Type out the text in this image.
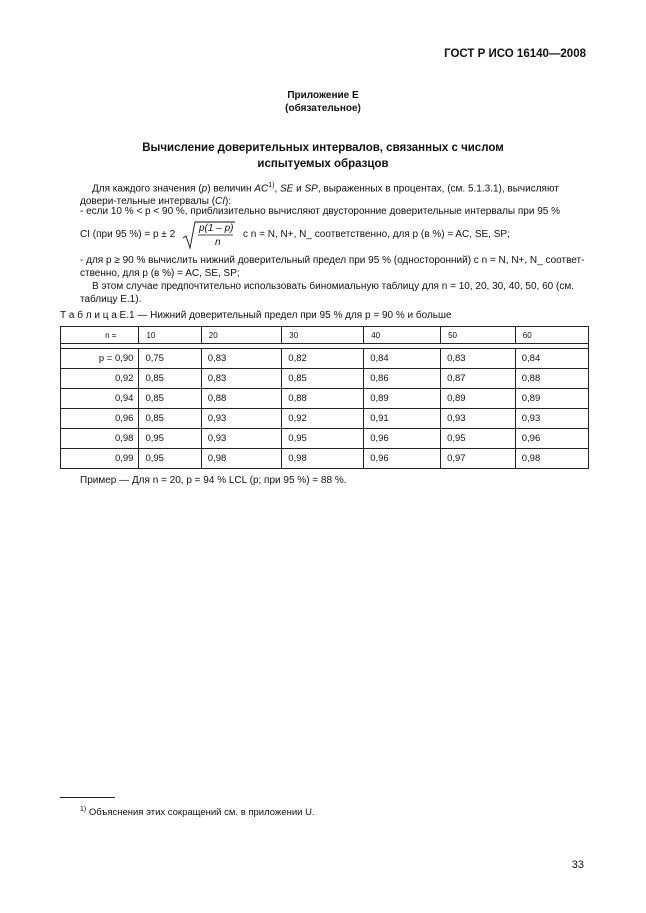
ГОСТ Р ИСО 16140—2008
Приложение Е
(обязательное)
Вычисление доверительных интервалов, связанных с числом
испытуемых образцов
Для каждого значения (p) величин AC$^{1)}$, SE и SP, выраженных в процентах, (см. 5.1.3.1), вычисляют довери-тельные интервалы (CI):
- если 10 % < p < 90 %, приблизительно вычисляют двусторонние доверительные интервалы при 95 %
CI (при 95 %) = p ± 2
p(1 – p)
n
с n = N, N+, N_ соответственно, для p (в %) = AC, SE, SP;
- для p ≥ 90 % вычислить нижний доверительный предел при 95 % (односторонний) с n = N, N+, N_ соответ-ственно, для p (в %) = AC, SE, SP;
В этом случае предпочтительно использовать биномиальную таблицу для n = 10, 20, 30, 40, 50, 60 (см. таблицу Е.1).
Т а б л и ц а Е.1 — Нижний доверительный предел при 95 % для p = 90 % и больше
n =	10	20	30	40	50	60

p = 0,90	0,75	0,83	0,82	0,84	0,83	0,84
0,92	0,85	0,83	0,85	0,86	0,87	0,88
0,94	0,85	0,88	0,88	0,89	0,89	0,89
0,96	0,85	0,93	0,92	0,91	0,93	0,93
0,98	0,95	0,93	0,95	0,96	0,95	0,96
0,99	0,95	0,98	0,98	0,96	0,97	0,98
Пример — Для n = 20, p = 94 % LCL (p; при 95 %) = 88 %.
$^{1)}$ Объяснения этих сокращений см. в приложении U.
33
